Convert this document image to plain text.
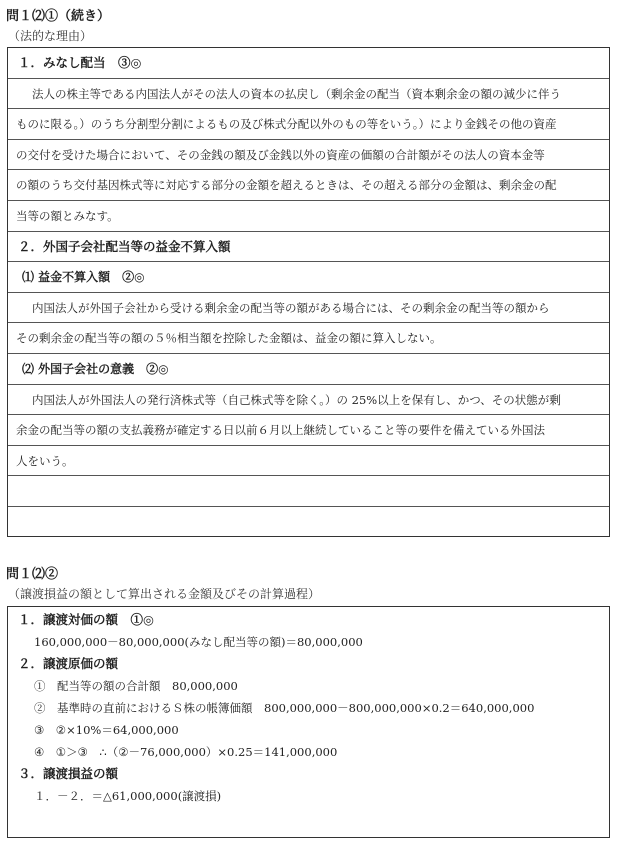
問１⑵①（続き）
（法的な理由）
１．みなし配当　③◎
法人の株主等である内国法人がその法人の資本の払戻し（剰余金の配当（資本剰余金の額の減少に伴う
ものに限る。）のうち分割型分割によるもの及び株式分配以外のもの等をいう。）により金銭その他の資産
の交付を受けた場合において、その金銭の額及び金銭以外の資産の価額の合計額がその法人の資本金等
の額のうち交付基因株式等に対応する部分の金額を超えるときは、その超える部分の金額は、剰余金の配
当等の額とみなす。
２．外国子会社配当等の益金不算入額
⑴ 益金不算入額　②◎
内国法人が外国子会社から受ける剰余金の配当等の額がある場合には、その剰余金の配当等の額から
その剰余金の配当等の額の５％相当額を控除した金額は、益金の額に算入しない。
⑵ 外国子会社の意義　②◎
内国法人が外国法人の発行済株式等（自己株式等を除く。）の 25%以上を保有し、かつ、その状態が剰
余金の配当等の額の支払義務が確定する日以前６月以上継続していること等の要件を備えている外国法
人をいう。
問１⑵②
（譲渡損益の額として算出される金額及びその計算過程）
１．譲渡対価の額　①◎
160,000,000－80,000,000(みなし配当等の額)＝80,000,000
２．譲渡原価の額
①　配当等の額の合計額　80,000,000
②　基準時の直前におけるＳ株の帳簿価額　800,000,000－800,000,000×0.2＝640,000,000
③　②×10%＝64,000,000
④　①＞③　∴（②－76,000,000）×0.25＝141,000,000
３．譲渡損益の額
１．－２．＝△61,000,000(譲渡損)
